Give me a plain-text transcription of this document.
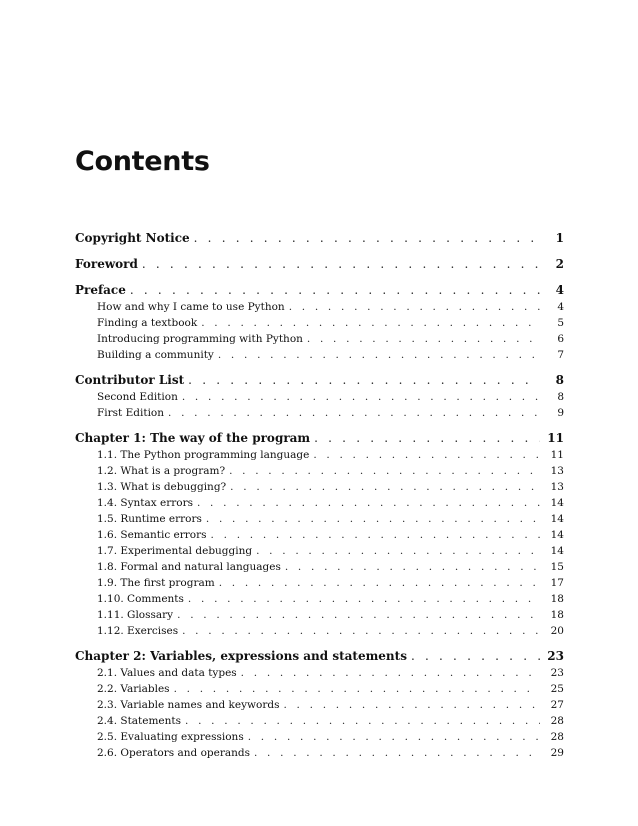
Contents
Copyright Notice . . .	1
Foreword . . .	2
Preface . . .	4
How and why I came to use Python . . .	4
Finding a textbook . . .	5
Introducing programming with Python . . .	6
Building a community . . .	7
Contributor List . . .	8
Second Edition . . .	8
First Edition . . .	9
Chapter 1: The way of the program . . .	11
1.1. The Python programming language . . .	11
1.2. What is a program? . . .	13
1.3. What is debugging? . . .	13
1.4. Syntax errors . . .	14
1.5. Runtime errors . . .	14
1.6. Semantic errors . . .	14
1.7. Experimental debugging . . .	14
1.8. Formal and natural languages . . .	15
1.9. The first program . . .	17
1.10. Comments . . .	18
1.11. Glossary . . .	18
1.12. Exercises . . .	20
Chapter 2: Variables, expressions and statements . . .	23
2.1. Values and data types . . .	23
2.2. Variables . . .	25
2.3. Variable names and keywords . . .	27
2.4. Statements . . .	28
2.5. Evaluating expressions . . .	28
2.6. Operators and operands . . .	29
